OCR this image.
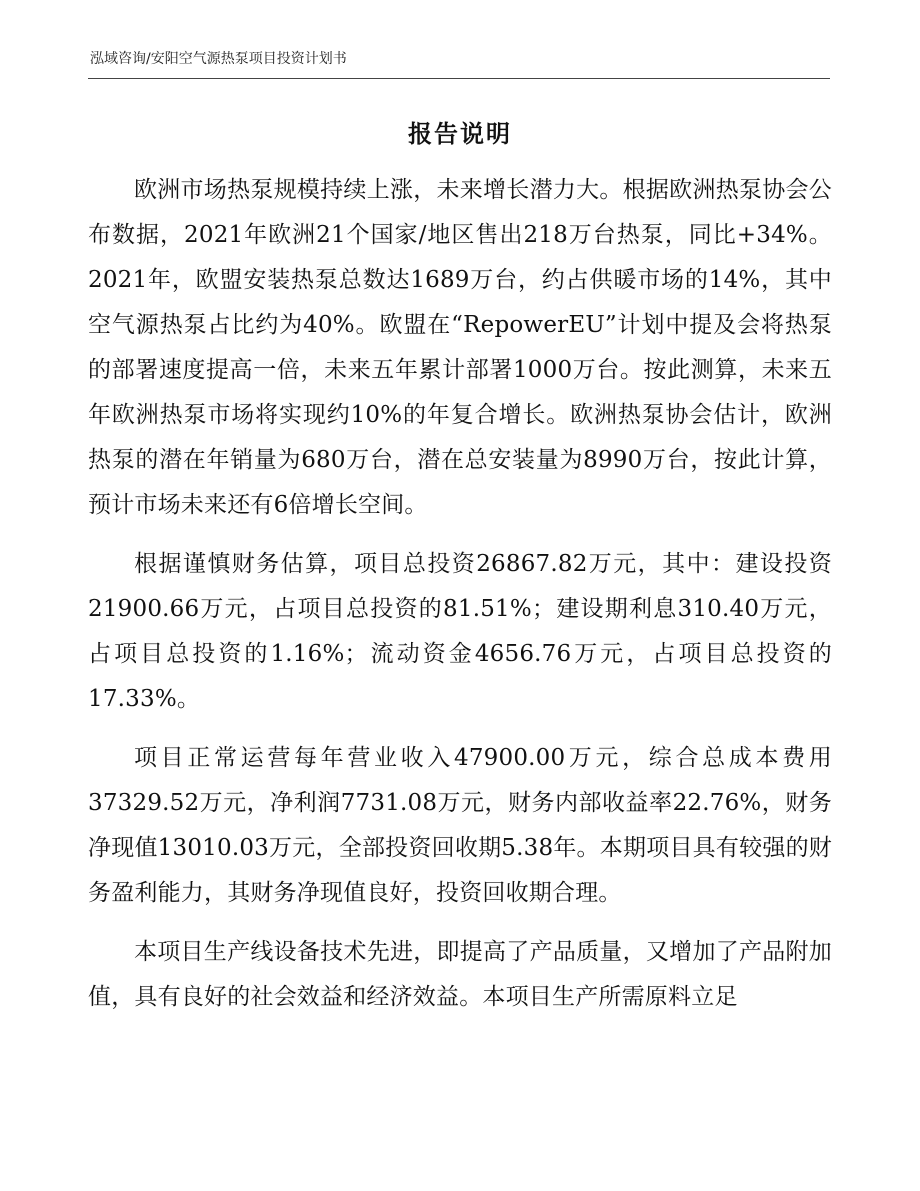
泓域咨询/安阳空气源热泵项目投资计划书
报告说明

欧洲市场热泵规模持续上涨，未来增长潜力大。根据欧洲热泵协会公布数据，2021年欧洲21个国家/地区售出218万台热泵，同比+34%。2021年，欧盟安装热泵总数达1689万台，约占供暖市场的14%，其中空气源热泵占比约为40%。欧盟在“RepowerEU”计划中提及会将热泵的部署速度提高一倍，未来五年累计部署1000万台。按此测算，未来五年欧洲热泵市场将实现约10%的年复合增长。欧洲热泵协会估计，欧洲热泵的潜在年销量为680万台，潜在总安装量为8990万台，按此计算，预计市场未来还有6倍增长空间。

根据谨慎财务估算，项目总投资26867.82万元，其中：建设投资21900.66万元，占项目总投资的81.51%；建设期利息310.40万元，占项目总投资的1.16%；流动资金4656.76万元，占项目总投资的17.33%。

项目正常运营每年营业收入47900.00万元，综合总成本费用37329.52万元，净利润7731.08万元，财务内部收益率22.76%，财务净现值13010.03万元，全部投资回收期5.38年。本期项目具有较强的财务盈利能力，其财务净现值良好，投资回收期合理。

本项目生产线设备技术先进，即提高了产品质量，又增加了产品附加值，具有良好的社会效益和经济效益。本项目生产所需原料立足
